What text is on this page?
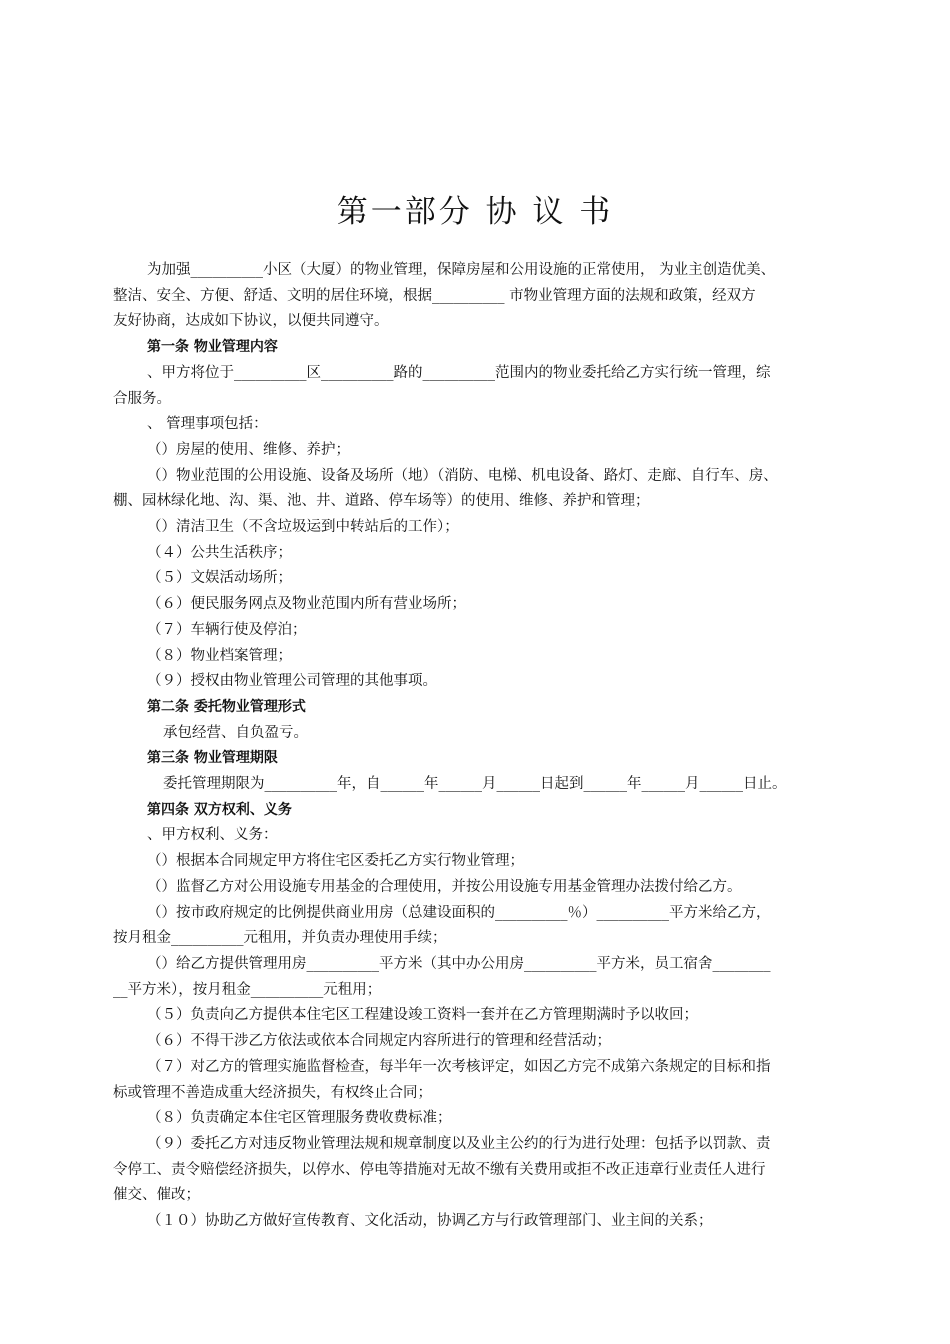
第一部分 协 议 书

为加强__________小区（大厦）的物业管理，保障房屋和公用设施的正常使用， 为业主创造优美、
整洁、安全、方便、舒适、文明的居住环境，根据__________ 市物业管理方面的法规和政策，经双方
友好协商，达成如下协议，以便共同遵守。

第一条 物业管理内容

、甲方将位于__________区__________路的__________范围内的物业委托给乙方实行统一管理，综
合服务。

、 管理事项包括：

（）房屋的使用、维修、养护；

（）物业范围的公用设施、设备及场所（地）（消防、电梯、机电设备、路灯、走廊、自行车、房、
棚、园林绿化地、沟、渠、池、井、道路、停车场等）的使用、维修、养护和管理；

（）清洁卫生（不含垃圾运到中转站后的工作）；

（４）公共生活秩序；

（５）文娱活动场所；

（６）便民服务网点及物业范围内所有营业场所；

（７）车辆行使及停泊；

（８）物业档案管理；

（９）授权由物业管理公司管理的其他事项。

第二条 委托物业管理形式

承包经营、自负盈亏。

第三条 物业管理期限

委托管理期限为__________年，自______年______月______日起到______年______月______日止。

第四条 双方权利、义务

、甲方权利、义务：

（）根据本合同规定甲方将住宅区委托乙方实行物业管理；

（）监督乙方对公用设施专用基金的合理使用，并按公用设施专用基金管理办法拨付给乙方。

（）按市政府规定的比例提供商业用房（总建设面积的__________％）__________平方米给乙方，
按月租金__________元租用，并负责办理使用手续；

（）给乙方提供管理用房__________平方米（其中办公用房__________平方米，员工宿舍________
__平方米），按月租金__________元租用；

（５）负责向乙方提供本住宅区工程建设竣工资料一套并在乙方管理期满时予以收回；

（６）不得干涉乙方依法或依本合同规定内容所进行的管理和经营活动；

（７）对乙方的管理实施监督检查，每半年一次考核评定，如因乙方完不成第六条规定的目标和指
标或管理不善造成重大经济损失，有权终止合同；

（８）负责确定本住宅区管理服务费收费标准；

（９）委托乙方对违反物业管理法规和规章制度以及业主公约的行为进行处理：包括予以罚款、责
令停工、责令赔偿经济损失，以停水、停电等措施对无故不缴有关费用或拒不改正违章行业责任人进行
催交、催改；

（１０）协助乙方做好宣传教育、文化活动，协调乙方与行政管理部门、业主间的关系；
